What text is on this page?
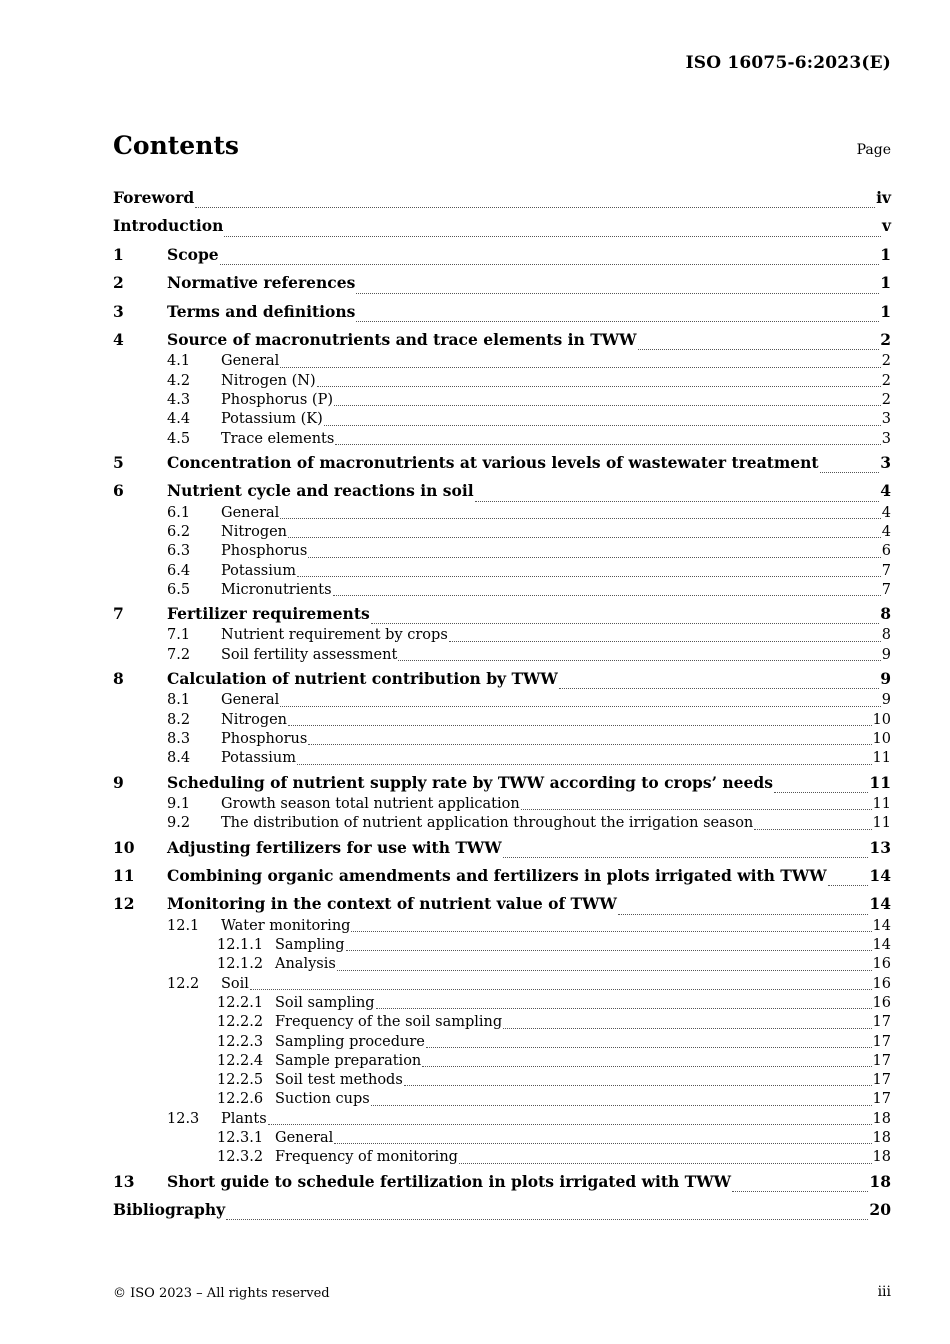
ISO 16075-6:2023(E)
Contents	Page
Foreword	iv
Introduction	v
1	Scope	1
2	Normative references	1
3	Terms and definitions	1
4	Source of macronutrients and trace elements in TWW	2
4.1	General	2
4.2	Nitrogen (N)	2
4.3	Phosphorus (P)	2
4.4	Potassium (K)	3
4.5	Trace elements	3
5	Concentration of macronutrients at various levels of wastewater treatment	3
6	Nutrient cycle and reactions in soil	4
6.1	General	4
6.2	Nitrogen	4
6.3	Phosphorus	6
6.4	Potassium	7
6.5	Micronutrients	7
7	Fertilizer requirements	8
7.1	Nutrient requirement by crops	8
7.2	Soil fertility assessment	9
8	Calculation of nutrient contribution by TWW	9
8.1	General	9
8.2	Nitrogen	10
8.3	Phosphorus	10
8.4	Potassium	11
9	Scheduling of nutrient supply rate by TWW according to crops’ needs	11
9.1	Growth season total nutrient application	11
9.2	The distribution of nutrient application throughout the irrigation season	11
10	Adjusting fertilizers for use with TWW	13
11	Combining organic amendments and fertilizers in plots irrigated with TWW	14
12	Monitoring in the context of nutrient value of TWW	14
12.1	Water monitoring	14
12.1.1 Sampling	14
12.1.2 Analysis	16
12.2	Soil	16
12.2.1 Soil sampling	16
12.2.2 Frequency of the soil sampling	17
12.2.3 Sampling procedure	17
12.2.4 Sample preparation	17
12.2.5 Soil test methods	17
12.2.6 Suction cups	17
12.3	Plants	18
12.3.1 General	18
12.3.2 Frequency of monitoring	18
13	Short guide to schedule fertilization in plots irrigated with TWW	18
Bibliography	20
© ISO 2023 – All rights reserved	iii
